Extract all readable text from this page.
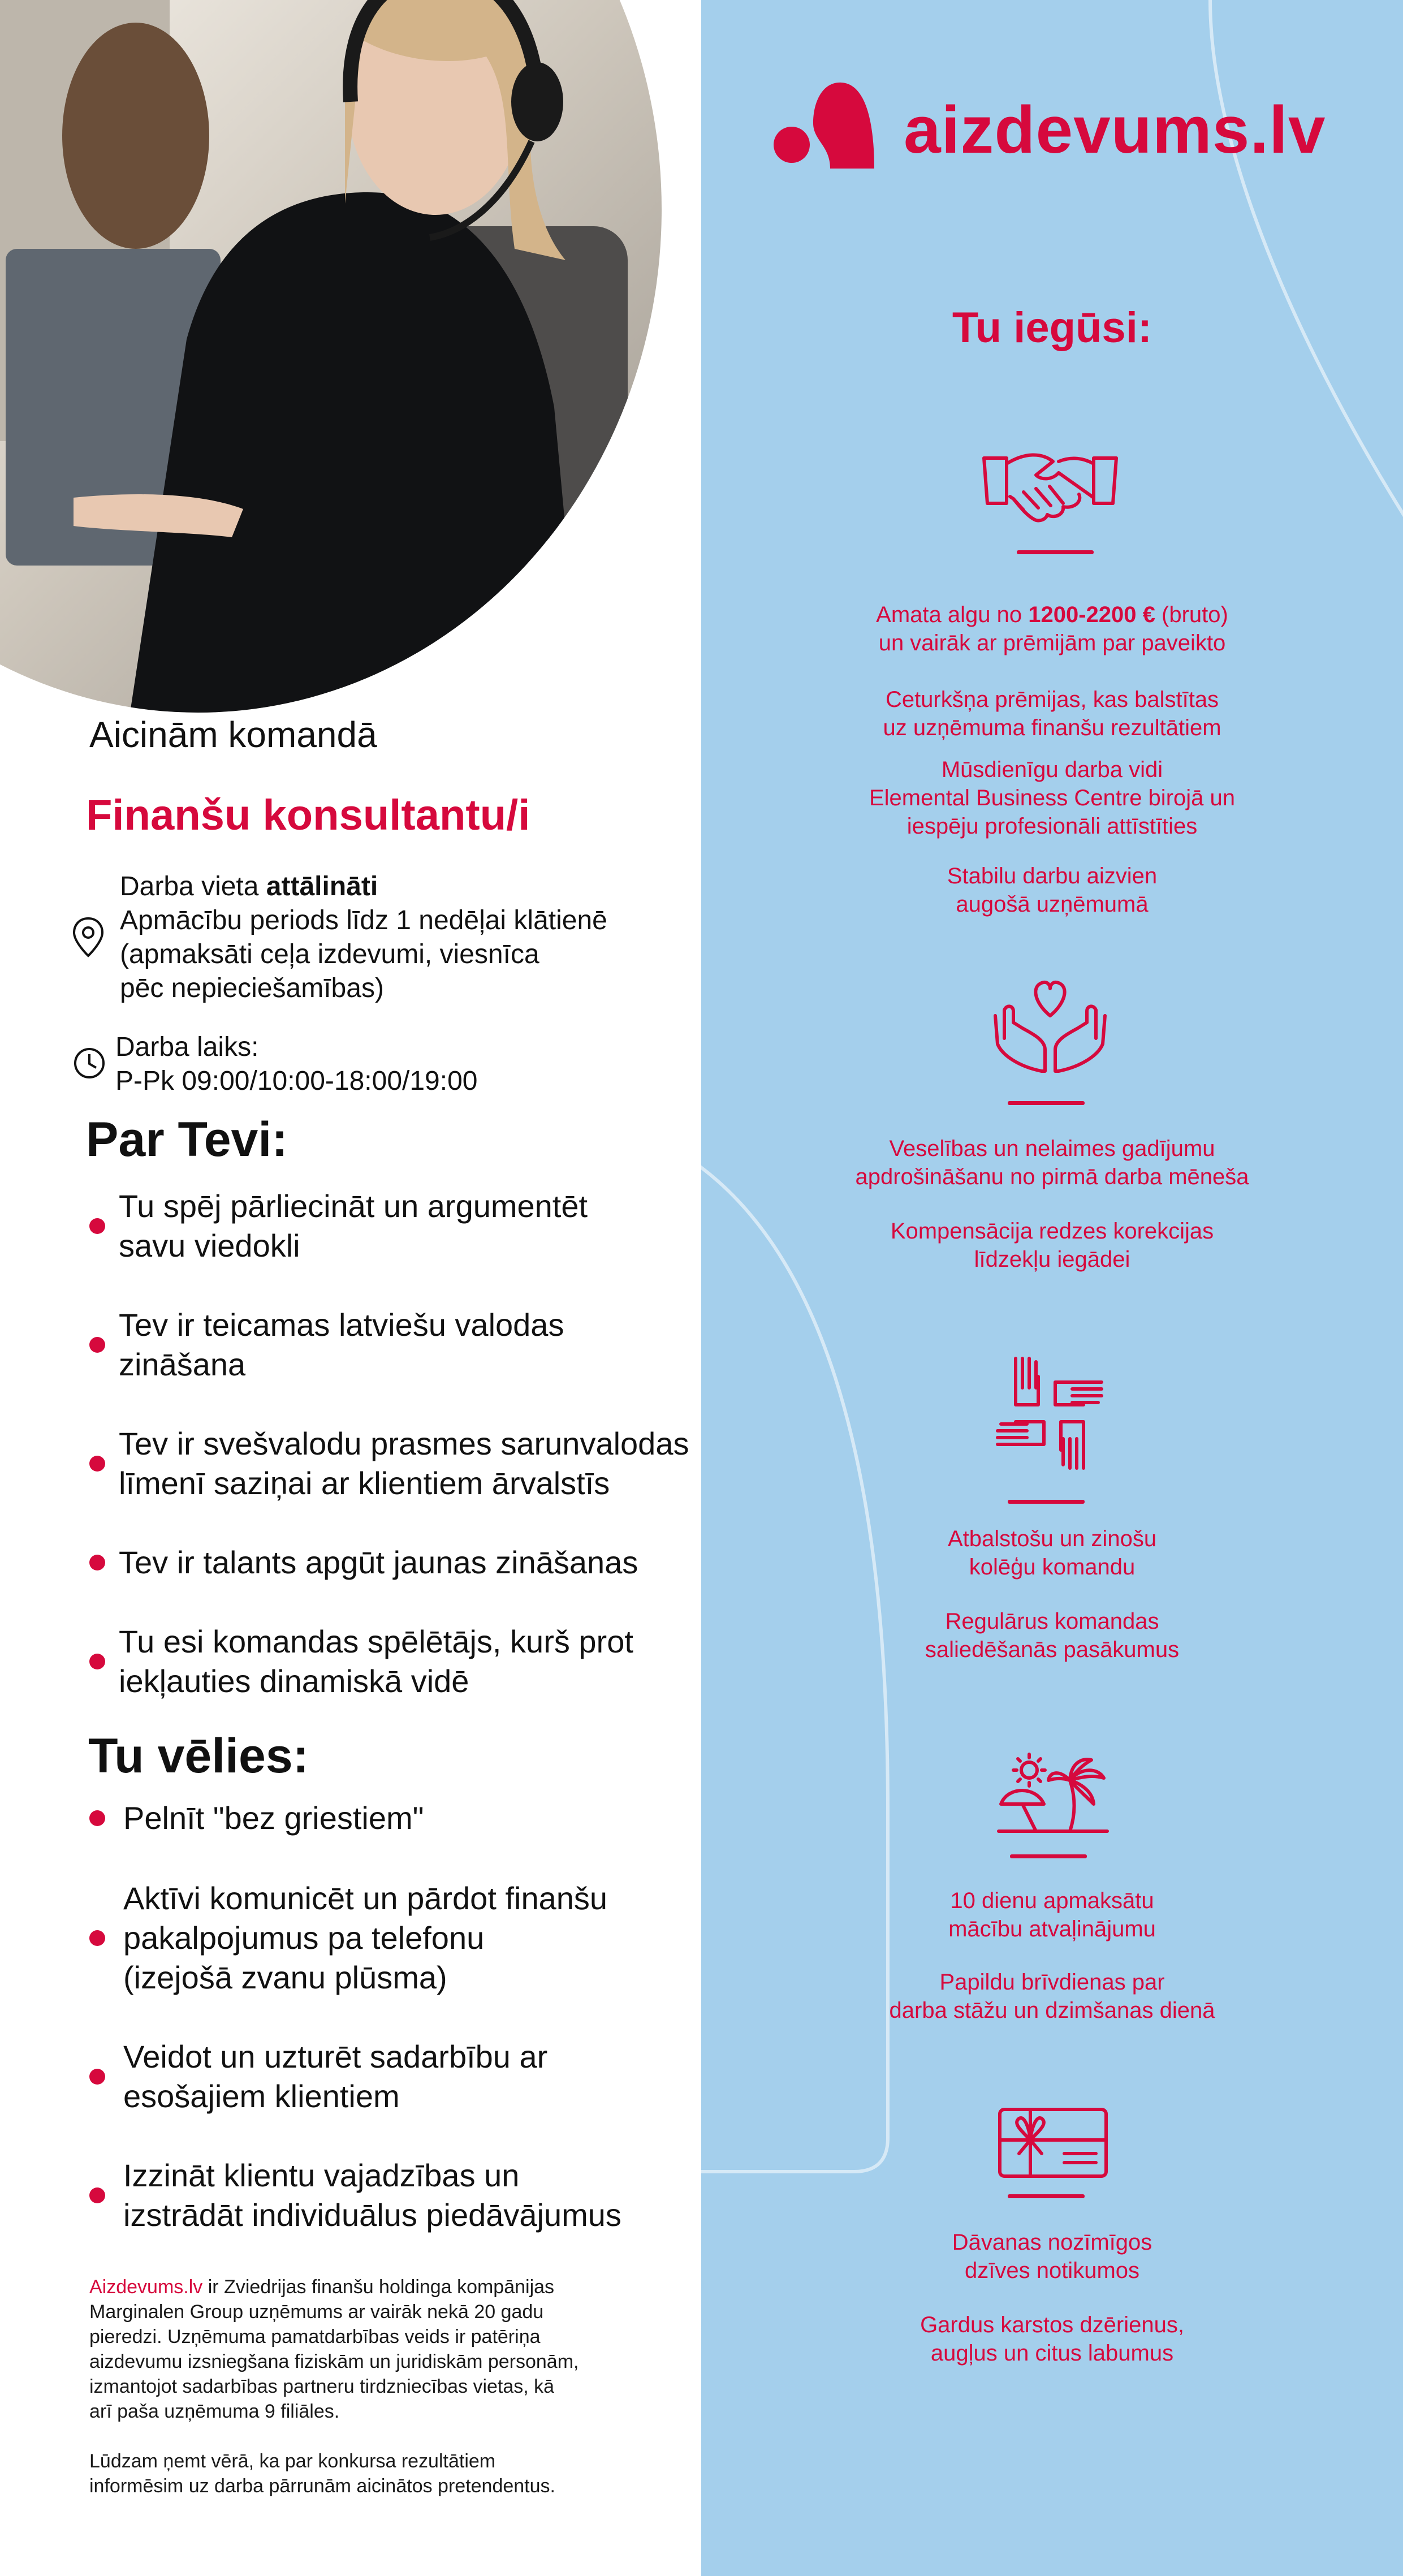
aizdevums.lv
Aicinām komandā
Finanšu konsultantu/i
Darba vieta attālināti
Apmācību periods līdz 1 nedēļai klātienē
(apmaksāti ceļa izdevumi, viesnīca
pēc nepieciešamības)
Darba laiks:
P-Pk 09:00/10:00-18:00/19:00
Par Tevi:
Tu spēj pārliecināt un argumentēt
savu viedokli
Tev ir teicamas latviešu valodas
zināšana
Tev ir svešvalodu prasmes sarunvalodas
līmenī saziņai ar klientiem ārvalstīs
Tev ir talants apgūt jaunas zināšanas
Tu esi komandas spēlētājs, kurš prot
iekļauties dinamiskā vidē
Tu vēlies:
Pelnīt "bez griestiem"
Aktīvi komunicēt un pārdot finanšu
pakalpojumus pa telefonu
(izejošā zvanu plūsma)
Veidot un uzturēt sadarbību ar
esošajiem klientiem
Izzināt klientu vajadzības un
izstrādāt individuālus piedāvājumus
Aizdevums.lv ir Zviedrijas finanšu holdinga kompānijas
Marginalen Group uzņēmums ar vairāk nekā 20 gadu
pieredzi. Uzņēmuma pamatdarbības veids ir patēriņa
aizdevumu izsniegšana fiziskām un juridiskām personām,
izmantojot sadarbības partneru tirdzniecības vietas, kā
arī paša uzņēmuma 9 filiāles.
Lūdzam ņemt vērā, ka par konkursa rezultātiem
informēsim uz darba pārrunām aicinātos pretendentus.
Tu iegūsi:
Amata algu no 1200-2200 € (bruto)
un vairāk ar prēmijām par paveikto
Ceturkšņa prēmijas, kas balstītas
uz uzņēmuma finanšu rezultātiem
Mūsdienīgu darba vidi
Elemental Business Centre birojā un
iespēju profesionāli attīstīties
Stabilu darbu aizvien
augošā uzņēmumā
Veselības un nelaimes gadījumu
apdrošināšanu no pirmā darba mēneša
Kompensācija redzes korekcijas
līdzekļu iegādei
Atbalstošu un zinošu
kolēģu komandu
Regulārus komandas
saliedēšanās pasākumus
10 dienu apmaksātu
mācību atvaļinājumu
Papildu brīvdienas par
darba stāžu un dzimšanas dienā
Dāvanas nozīmīgos
dzīves notikumos
Gardus karstos dzērienus,
augļus un citus labumus
